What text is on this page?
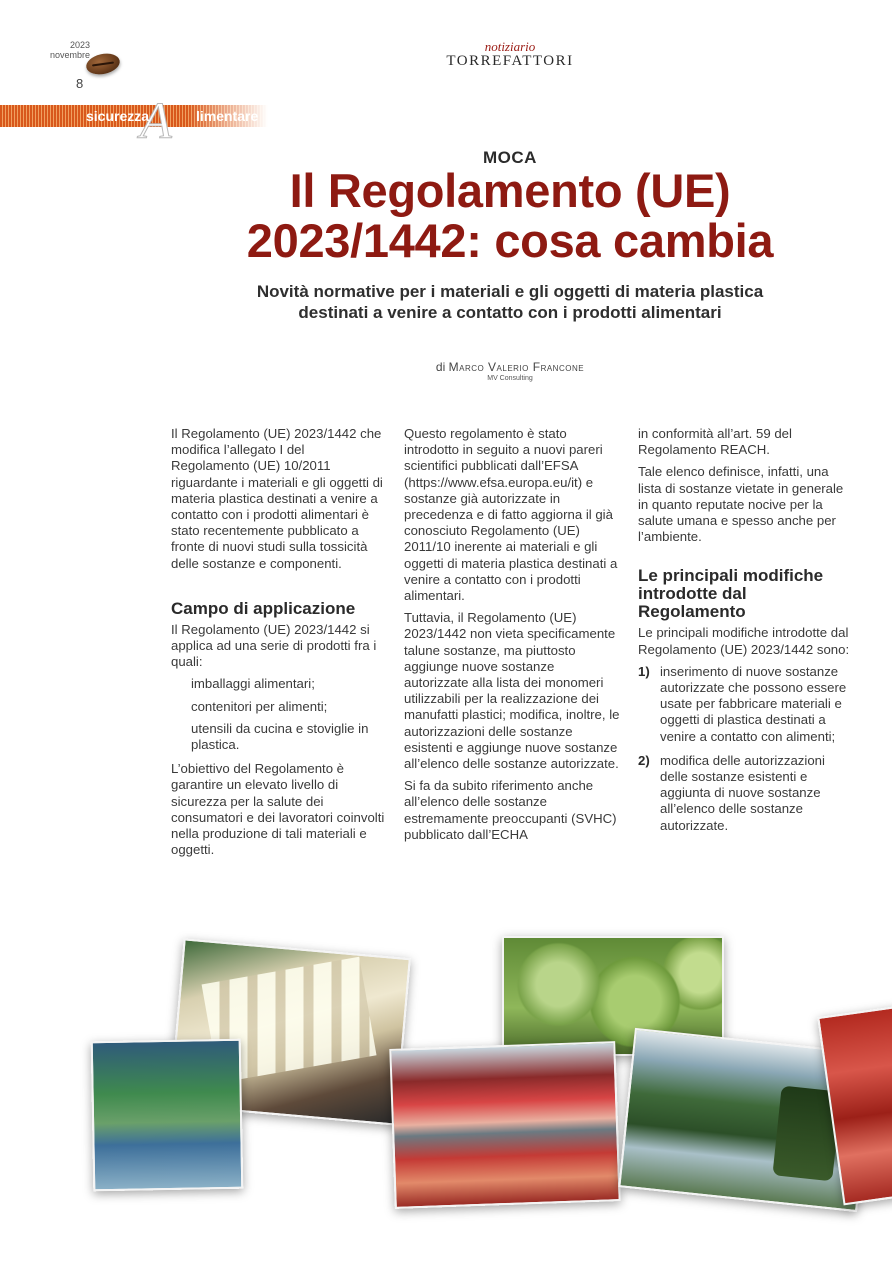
2023
novembre
8
notiziario
TORREFATTORI
A
sicurezza	limentare
MOCA
Il Regolamento (UE)
2023/1442: cosa cambia
Novità normative per i materiali e gli oggetti di materia plastica
destinati a venire a contatto con i prodotti alimentari
di Marco Valerio Francone
MV Consulting

Il Regolamento (UE) 2023/1442 che modifica l’allegato I del Regolamento (UE) 10/2011 riguardante i materiali e gli oggetti di materia plastica destinati a venire a contatto con i prodotti alimentari è stato recentemente pubblicato a fronte di nuovi studi sulla tossicità delle sostanze e componenti.

Campo di applicazione

Il Regolamento (UE) 2023/1442 si applica ad una serie di prodotti fra i quali:

imballaggi alimentari;
contenitori per alimenti;
utensili da cucina e stoviglie in plastica.

L’obiettivo del Regolamento è garantire un elevato livello di sicurezza per la salute dei consumatori e dei lavoratori coinvolti nella produzione di tali materiali e oggetti.

Questo regolamento è stato introdotto in seguito a nuovi pareri scientifici pubblicati dall’EFSA (https://www.efsa.europa.eu/it) e sostanze già autorizzate in precedenza e di fatto aggiorna il già conosciuto Regolamento (UE) 2011/10 inerente ai materiali e gli oggetti di materia plastica destinati a venire a contatto con i prodotti alimentari.

Tuttavia, il Regolamento (UE) 2023/1442 non vieta specificamente talune sostanze, ma piuttosto aggiunge nuove sostanze autorizzate alla lista dei monomeri utilizzabili per la realizzazione dei manufatti plastici; modifica, inoltre, le autorizzazioni delle sostanze esistenti e aggiunge nuove sostanze all’elenco delle sostanze autorizzate.

Si fa da subito riferimento anche all’elenco delle sostanze estremamente preoccupanti (SVHC) pubblicato dall’ECHA

in conformità all’art. 59 del Regolamento REACH.

Tale elenco definisce, infatti, una lista di sostanze vietate in generale in quanto reputate nocive per la salute umana e spesso anche per l’ambiente.

Le principali modifiche introdotte dal Regolamento

Le principali modifiche introdotte dal Regolamento (UE) 2023/1442 sono:

1) inserimento di nuove sostanze autorizzate che possono essere usate per fabbricare materiali e oggetti di plastica destinati a venire a contatto con alimenti;
2) modifica delle autorizzazioni delle sostanze esistenti e aggiunta di nuove sostanze all’elenco delle sostanze autorizzate.
